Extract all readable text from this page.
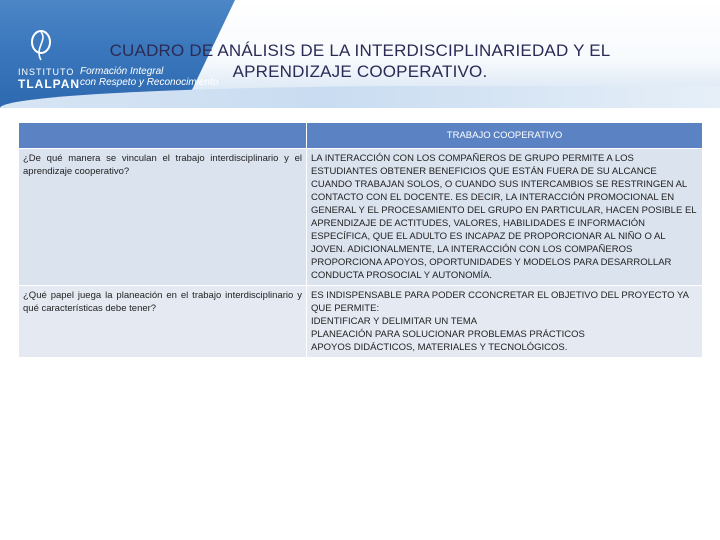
INSTITUTO
TLALPAN
Formación Integral
con Respeto y Reconocimiento
CUADRO DE ANÁLISIS DE LA INTERDISCIPLINARIEDAD Y EL APRENDIZAJE COOPERATIVO.
	TRABAJO COOPERATIVO
¿De qué manera se vinculan el trabajo interdisciplinario y el aprendizaje cooperativo?	LA INTERACCIÓN CON LOS COMPAÑEROS DE GRUPO PERMITE A LOS ESTUDIANTES OBTENER BENEFICIOS QUE ESTÁN FUERA DE SU ALCANCE CUANDO TRABAJAN SOLOS, O CUANDO SUS INTERCAMBIOS SE RESTRINGEN AL CONTACTO CON EL DOCENTE. ES DECIR, LA INTERACCIÓN PROMOCIONAL EN GENERAL Y EL PROCESAMIENTO DEL GRUPO EN PARTICULAR, HACEN POSIBLE EL APRENDIZAJE DE ACTITUDES, VALORES, HABILIDADES E INFORMACIÓN ESPECÍFICA, QUE EL ADULTO ES INCAPAZ DE PROPORCIONAR AL NIÑO O AL JOVEN. ADICIONALMENTE, LA INTERACCIÓN CON LOS COMPAÑEROS PROPORCIONA APOYOS, OPORTUNIDADES Y MODELOS PARA DESARROLLAR CONDUCTA PROSOCIAL Y AUTONOMÍA.
¿Qué papel juega la planeación en el trabajo interdisciplinario y qué características debe tener?	ES INDISPENSABLE PARA PODER CCONCRETAR EL OBJETIVO DEL PROYECTO YA QUE PERMITE:
IDENTIFICAR Y DELIMITAR UN TEMA
PLANEACIÓN PARA SOLUCIONAR PROBLEMAS PRÁCTICOS
APOYOS DIDÁCTICOS, MATERIALES Y TECNOLÓGICOS.
